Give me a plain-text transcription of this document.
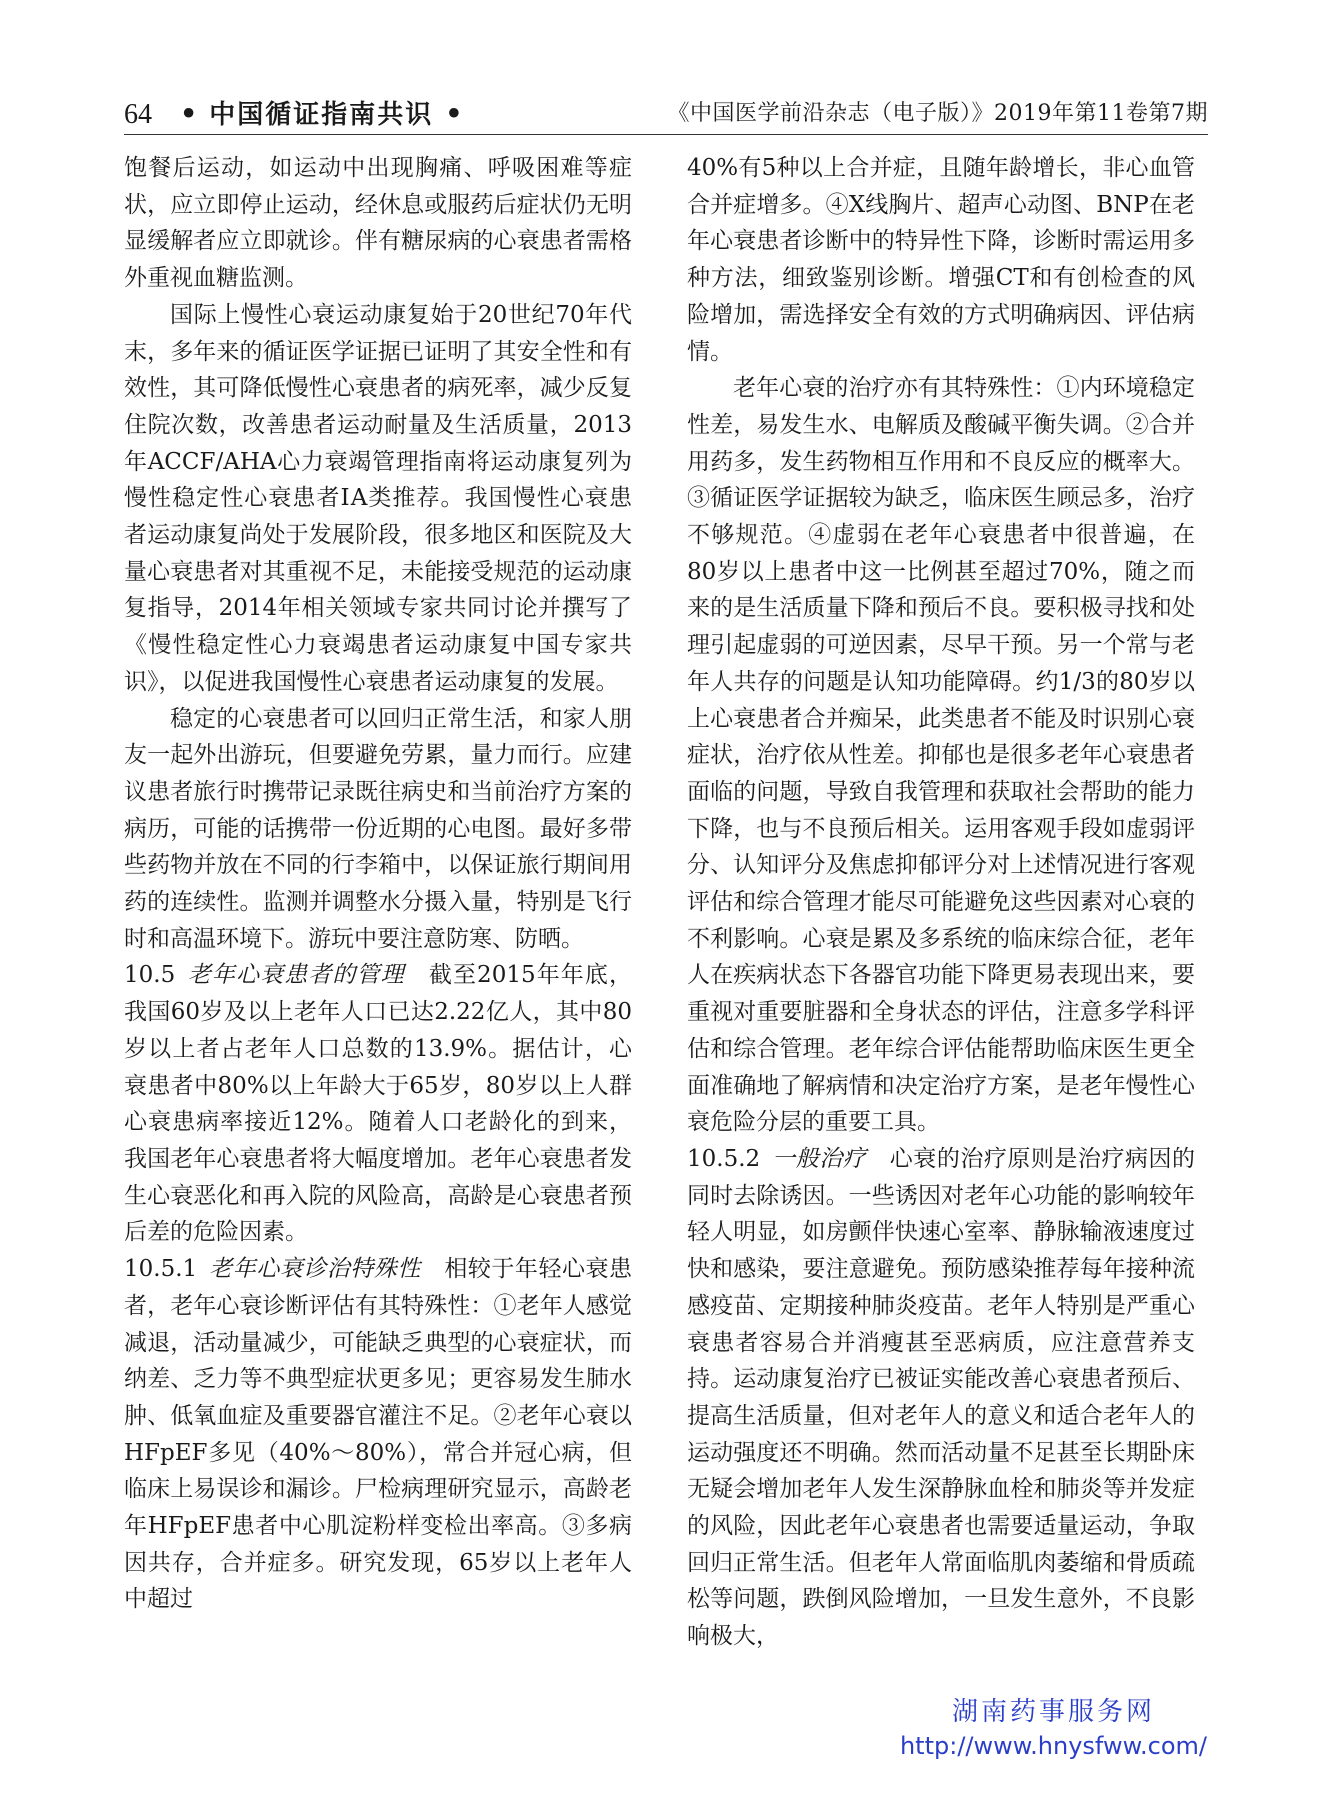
64 • 中国循证指南共识 •	《中国医学前沿杂志（电子版）》2019年第11卷第7期

饱餐后运动，如运动中出现胸痛、呼吸困难等症状，应立即停止运动，经休息或服药后症状仍无明显缓解者应立即就诊。伴有糖尿病的心衰患者需格外重视血糖监测。

国际上慢性心衰运动康复始于20世纪70年代末，多年来的循证医学证据已证明了其安全性和有效性，其可降低慢性心衰患者的病死率，减少反复住院次数，改善患者运动耐量及生活质量，2013年ACCF/AHA心力衰竭管理指南将运动康复列为慢性稳定性心衰患者ⅠA类推荐。我国慢性心衰患者运动康复尚处于发展阶段，很多地区和医院及大量心衰患者对其重视不足，未能接受规范的运动康复指导，2014年相关领域专家共同讨论并撰写了《慢性稳定性心力衰竭患者运动康复中国专家共识》，以促进我国慢性心衰患者运动康复的发展。

稳定的心衰患者可以回归正常生活，和家人朋友一起外出游玩，但要避免劳累，量力而行。应建议患者旅行时携带记录既往病史和当前治疗方案的病历，可能的话携带一份近期的心电图。最好多带些药物并放在不同的行李箱中，以保证旅行期间用药的连续性。监测并调整水分摄入量，特别是飞行时和高温环境下。游玩中要注意防寒、防晒。

10.5  老年心衰患者的管理  截至2015年年底，我国60岁及以上老年人口已达2.22亿人，其中80岁以上者占老年人口总数的13.9%。据估计，心衰患者中80%以上年龄大于65岁，80岁以上人群心衰患病率接近12%。随着人口老龄化的到来，我国老年心衰患者将大幅度增加。老年心衰患者发生心衰恶化和再入院的风险高，高龄是心衰患者预后差的危险因素。

10.5.1  老年心衰诊治特殊性  相较于年轻心衰患者，老年心衰诊断评估有其特殊性：①老年人感觉减退，活动量减少，可能缺乏典型的心衰症状，而纳差、乏力等不典型症状更多见；更容易发生肺水肿、低氧血症及重要器官灌注不足。②老年心衰以HFpEF多见（40%～80%），常合并冠心病，但临床上易误诊和漏诊。尸检病理研究显示，高龄老年HFpEF患者中心肌淀粉样变检出率高。③多病因共存，合并症多。研究发现，65岁以上老年人中超过

40%有5种以上合并症，且随年龄增长，非心血管合并症增多。④X线胸片、超声心动图、BNP在老年心衰患者诊断中的特异性下降，诊断时需运用多种方法，细致鉴别诊断。增强CT和有创检查的风险增加，需选择安全有效的方式明确病因、评估病情。

老年心衰的治疗亦有其特殊性：①内环境稳定性差，易发生水、电解质及酸碱平衡失调。②合并用药多，发生药物相互作用和不良反应的概率大。③循证医学证据较为缺乏，临床医生顾忌多，治疗不够规范。④虚弱在老年心衰患者中很普遍，在80岁以上患者中这一比例甚至超过70%，随之而来的是生活质量下降和预后不良。要积极寻找和处理引起虚弱的可逆因素，尽早干预。另一个常与老年人共存的问题是认知功能障碍。约1/3的80岁以上心衰患者合并痴呆，此类患者不能及时识别心衰症状，治疗依从性差。抑郁也是很多老年心衰患者面临的问题，导致自我管理和获取社会帮助的能力下降，也与不良预后相关。运用客观手段如虚弱评分、认知评分及焦虑抑郁评分对上述情况进行客观评估和综合管理才能尽可能避免这些因素对心衰的不利影响。心衰是累及多系统的临床综合征，老年人在疾病状态下各器官功能下降更易表现出来，要重视对重要脏器和全身状态的评估，注意多学科评估和综合管理。老年综合评估能帮助临床医生更全面准确地了解病情和决定治疗方案，是老年慢性心衰危险分层的重要工具。

10.5.2  一般治疗  心衰的治疗原则是治疗病因的同时去除诱因。一些诱因对老年心功能的影响较年轻人明显，如房颤伴快速心室率、静脉输液速度过快和感染，要注意避免。预防感染推荐每年接种流感疫苗、定期接种肺炎疫苗。老年人特别是严重心衰患者容易合并消瘦甚至恶病质，应注意营养支持。运动康复治疗已被证实能改善心衰患者预后、提高生活质量，但对老年人的意义和适合老年人的运动强度还不明确。然而活动量不足甚至长期卧床无疑会增加老年人发生深静脉血栓和肺炎等并发症的风险，因此老年心衰患者也需要适量运动，争取回归正常生活。但老年人常面临肌肉萎缩和骨质疏松等问题，跌倒风险增加，一旦发生意外，不良影响极大，

湖南药事服务网
http://www.hnysfww.com/
